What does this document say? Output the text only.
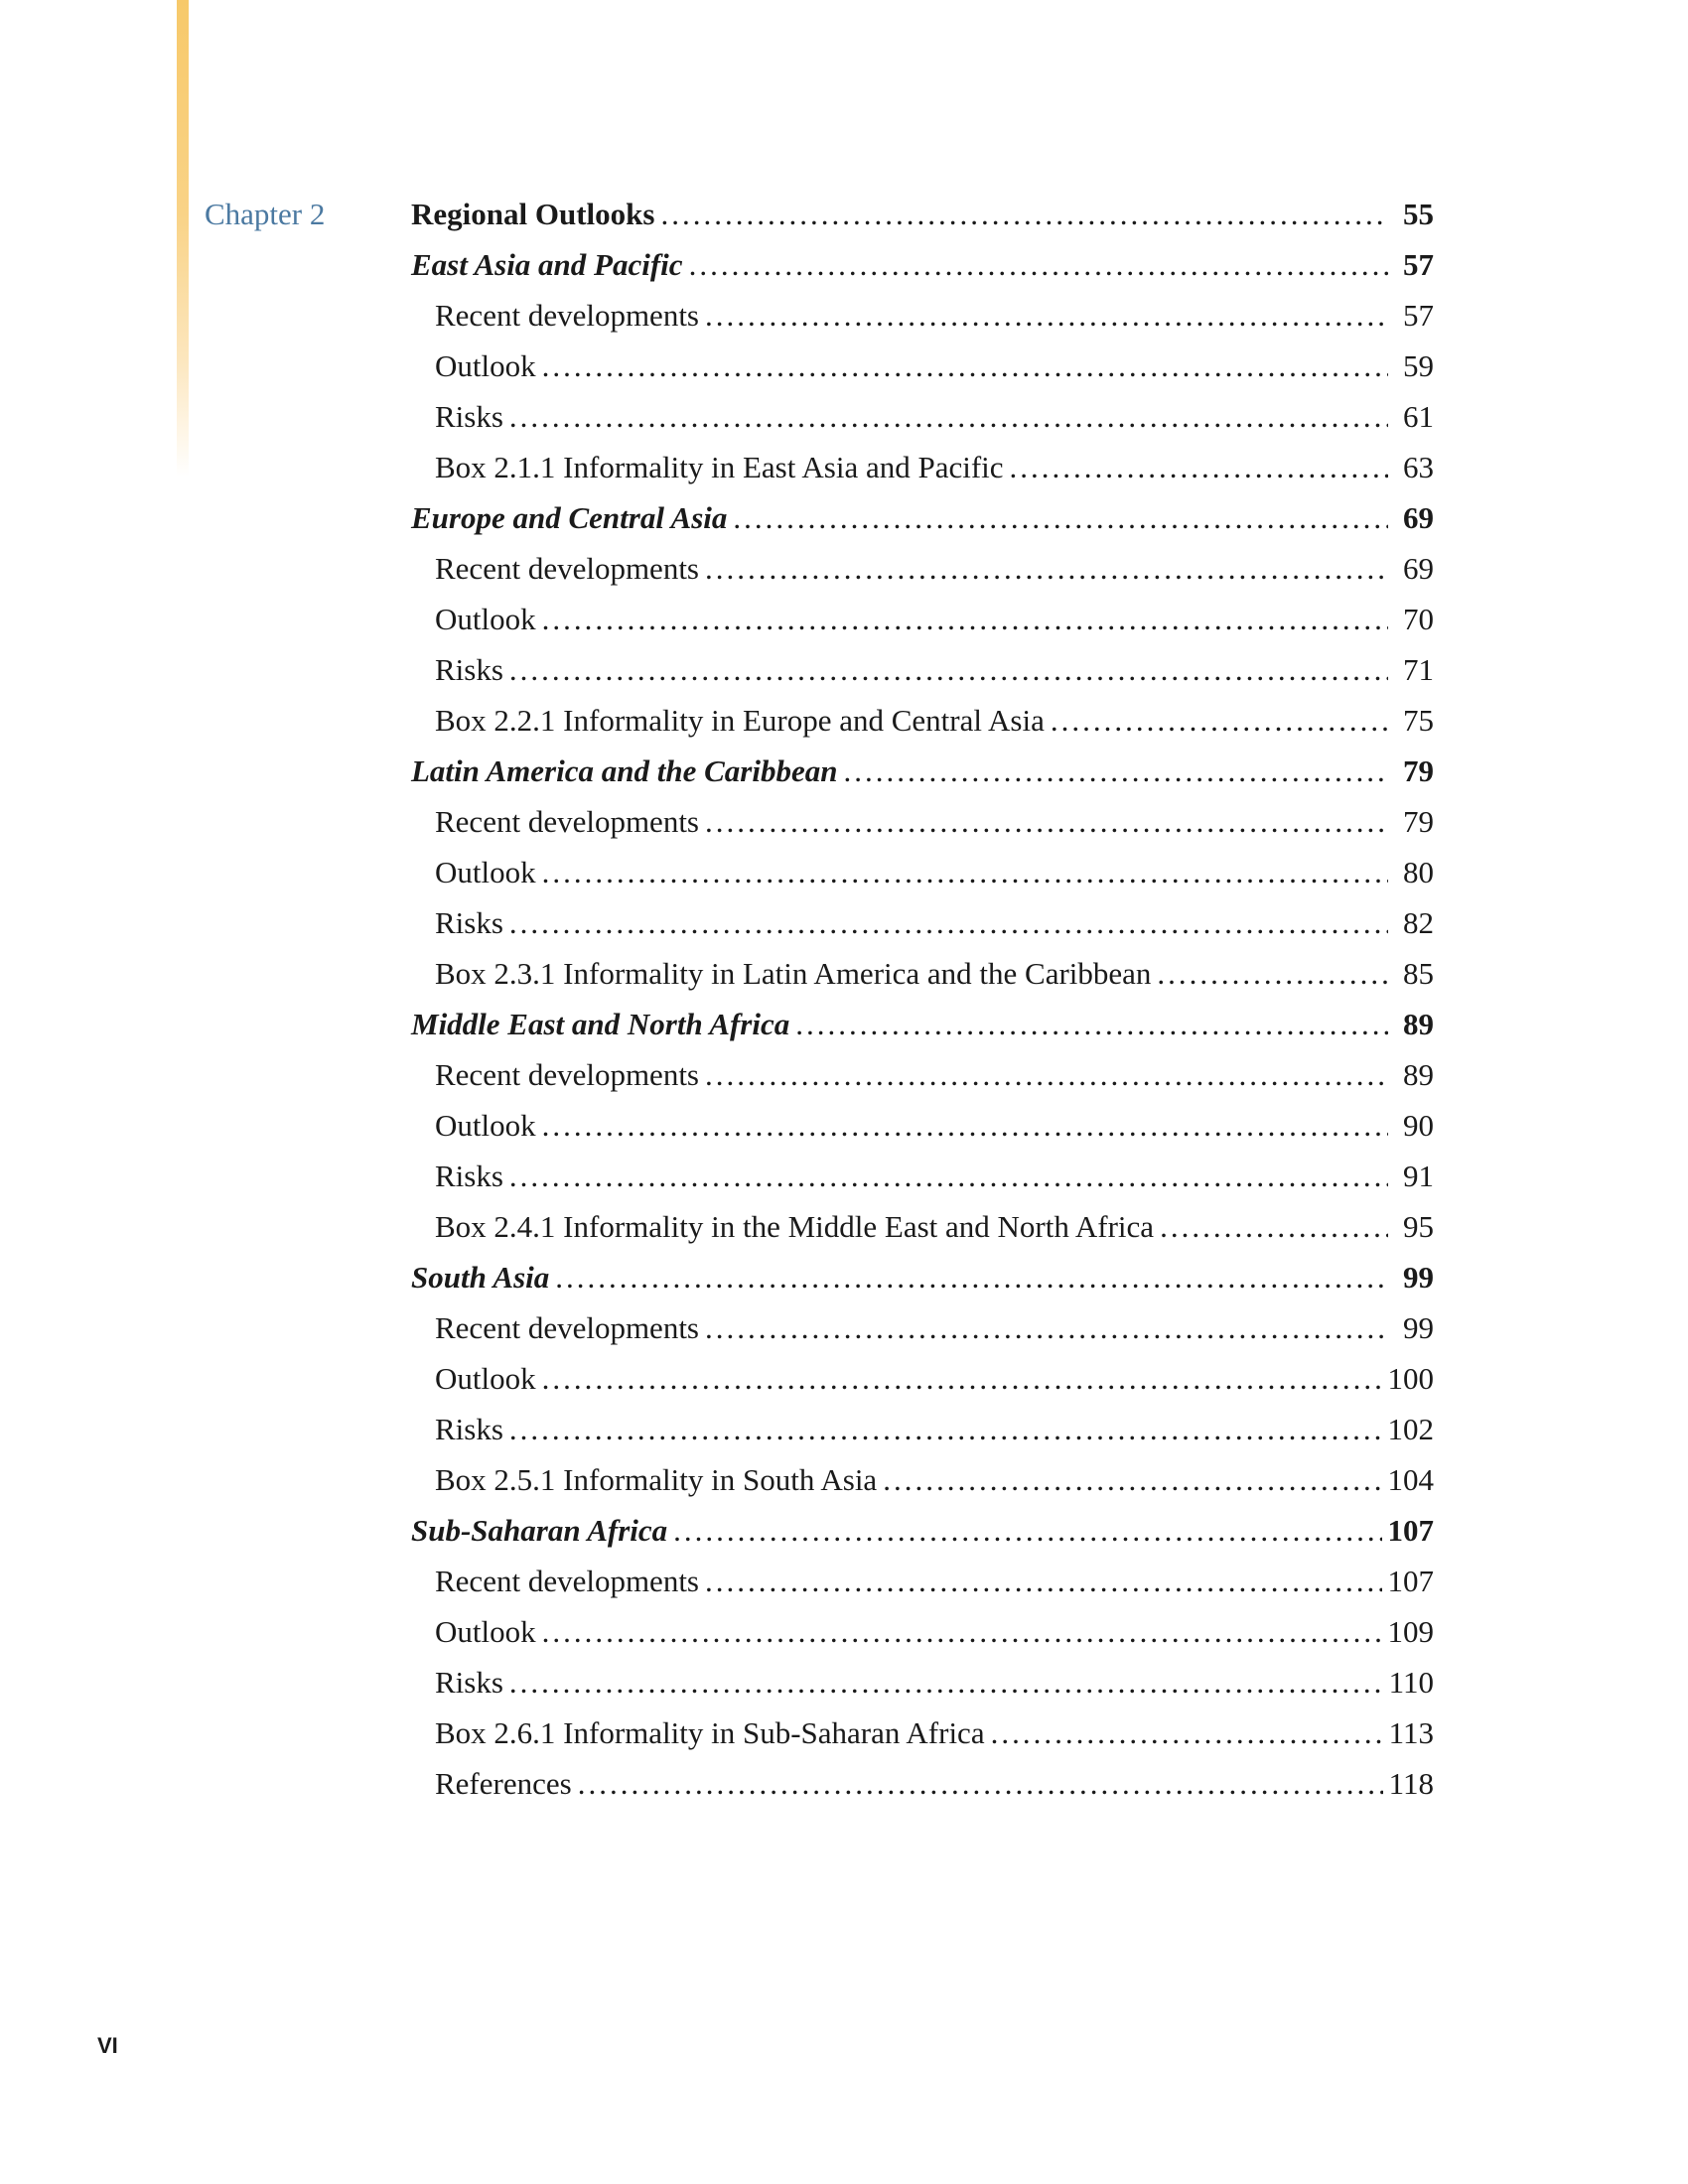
Chapter 2	Regional Outlooks .....	55
East Asia and Pacific .....	57
Recent developments .....	57
Outlook .....	59
Risks .....	61
Box 2.1.1 Informality in East Asia and Pacific .....	63
Europe and Central Asia .....	69
Recent developments .....	69
Outlook .....	70
Risks .....	71
Box 2.2.1 Informality in Europe and Central Asia .....	75
Latin America and the Caribbean .....	79
Recent developments .....	79
Outlook .....	80
Risks .....	82
Box 2.3.1 Informality in Latin America and the Caribbean .....	85
Middle East and North Africa .....	89
Recent developments .....	89
Outlook .....	90
Risks .....	91
Box 2.4.1 Informality in the Middle East and North Africa .....	95
South Asia .....	99
Recent developments .....	99
Outlook .....	100
Risks .....	102
Box 2.5.1 Informality in South Asia .....	104
Sub-Saharan Africa .....	107
Recent developments .....	107
Outlook .....	109
Risks .....	110
Box 2.6.1 Informality in Sub-Saharan Africa .....	113
References .....	118
VI
